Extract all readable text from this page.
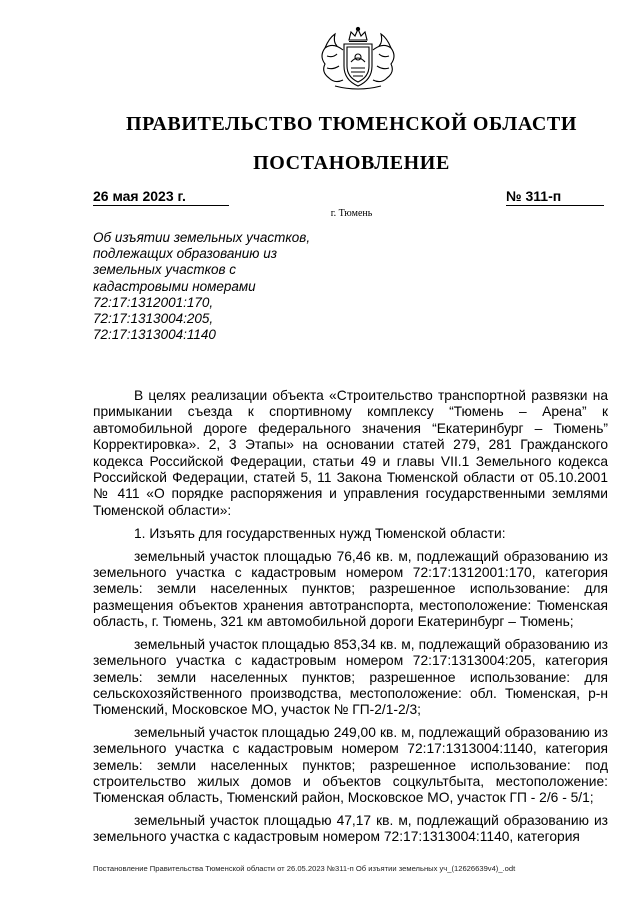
ПРАВИТЕЛЬСТВО ТЮМЕНСКОЙ ОБЛАСТИ
ПОСТАНОВЛЕНИЕ
26 мая 2023 г.	№ 311-п
г. Тюмень
Об изъятии земельных участков,
подлежащих образованию из
земельных участков с
кадастровыми номерами
72:17:1312001:170,
72:17:1313004:205,
72:17:1313004:1140

В целях реализации объекта «Строительство транспортной развязки на примыкании съезда к спортивному комплексу “Тюмень – Арена” к автомобильной дороге федерального значения “Екатеринбург – Тюмень” Корректировка». 2, 3 Этапы» на основании статей 279, 281 Гражданского кодекса Российской Федерации, статьи 49 и главы VII.1 Земельного кодекса Российской Федерации, статей 5, 11 Закона Тюменской области от 05.10.2001 № 411 «О порядке распоряжения и управления государственными землями Тюменской области»:

1. Изъять для государственных нужд Тюменской области:

земельный участок площадью 76,46 кв. м, подлежащий образованию из земельного участка с кадастровым номером 72:17:1312001:170, категория земель: земли населенных пунктов; разрешенное использование: для размещения объектов хранения автотранспорта, местоположение: Тюменская область, г. Тюмень, 321 км автомобильной дороги Екатеринбург – Тюмень;

земельный участок площадью 853,34 кв. м, подлежащий образованию из земельного участка с кадастровым номером 72:17:1313004:205, категория земель: земли населенных пунктов; разрешенное использование: для сельскохозяйственного производства, местоположение: обл. Тюменская, р-н Тюменский, Московское МО, участок № ГП-2/1-2/3;

земельный участок площадью 249,00 кв. м, подлежащий образованию из земельного участка с кадастровым номером 72:17:1313004:1140, категория земель: земли населенных пунктов; разрешенное использование: под строительство жилых домов и объектов соцкультбыта, местоположение: Тюменская область, Тюменский район, Московское МО, участок ГП - 2/6 - 5/1;

земельный участок площадью 47,17 кв. м, подлежащий образованию из земельного участка с кадастровым номером 72:17:1313004:1140, категория

Постановление Правительства Тюменской области от 26.05.2023 №311-п Об изъятии земельных уч_(12626639v4)_.odt
